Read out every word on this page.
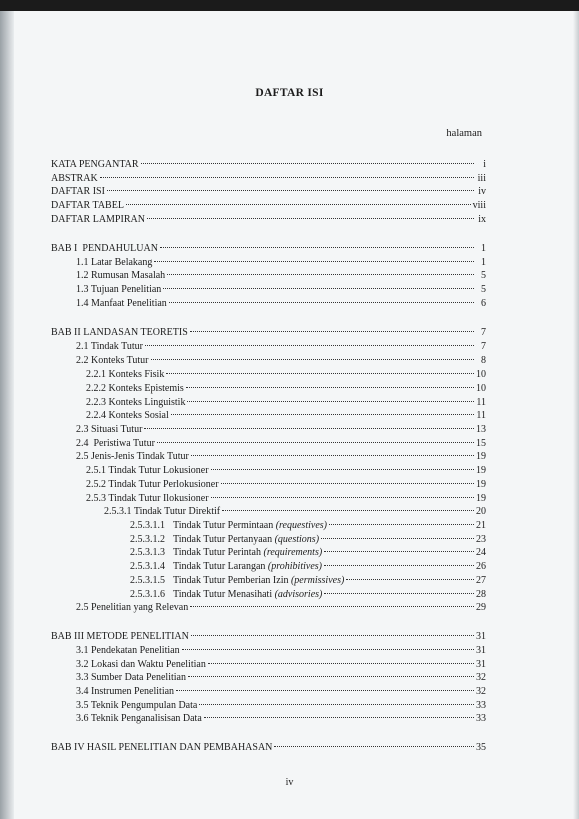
DAFTAR ISI
halaman
KATA PENGANTAR	i
ABSTRAK	iii
DAFTAR ISI	iv
DAFTAR TABEL	viii
DAFTAR LAMPIRAN	ix
BAB I  PENDAHULUAN	1
1.1 Latar Belakang	1
1.2 Rumusan Masalah	5
1.3 Tujuan Penelitian	5
1.4 Manfaat Penelitian	6
BAB II LANDASAN TEORETIS	7
2.1 Tindak Tutur	7
2.2 Konteks Tutur	8
2.2.1 Konteks Fisik	10
2.2.2 Konteks Epistemis	10
2.2.3 Konteks Linguistik	11
2.2.4 Konteks Sosial	11
2.3 Situasi Tutur	13
2.4  Peristiwa Tutur	15
2.5 Jenis-Jenis Tindak Tutur	19
2.5.1 Tindak Tutur Lokusioner	19
2.5.2 Tindak Tutur Perlokusioner	19
2.5.3 Tindak Tutur Ilokusioner	19
2.5.3.1 Tindak Tutur Direktif	20
2.5.3.1.1 Tindak Tutur Permintaan (requestives)	21
2.5.3.1.2 Tindak Tutur Pertanyaan (questions)	23
2.5.3.1.3 Tindak Tutur Perintah (requirements)	24
2.5.3.1.4 Tindak Tutur Larangan (prohibitives)	26
2.5.3.1.5 Tindak Tutur Pemberian Izin (permissives)	27
2.5.3.1.6 Tindak Tutur Menasihati (advisories)	28
2.5 Penelitian yang Relevan	29
BAB III METODE PENELITIAN	31
3.1 Pendekatan Penelitian	31
3.2 Lokasi dan Waktu Penelitian	31
3.3 Sumber Data Penelitian	32
3.4 Instrumen Penelitian	32
3.5 Teknik Pengumpulan Data	33
3.6 Teknik Penganalisisan Data	33
BAB IV HASIL PENELITIAN DAN PEMBAHASAN	35
iv
